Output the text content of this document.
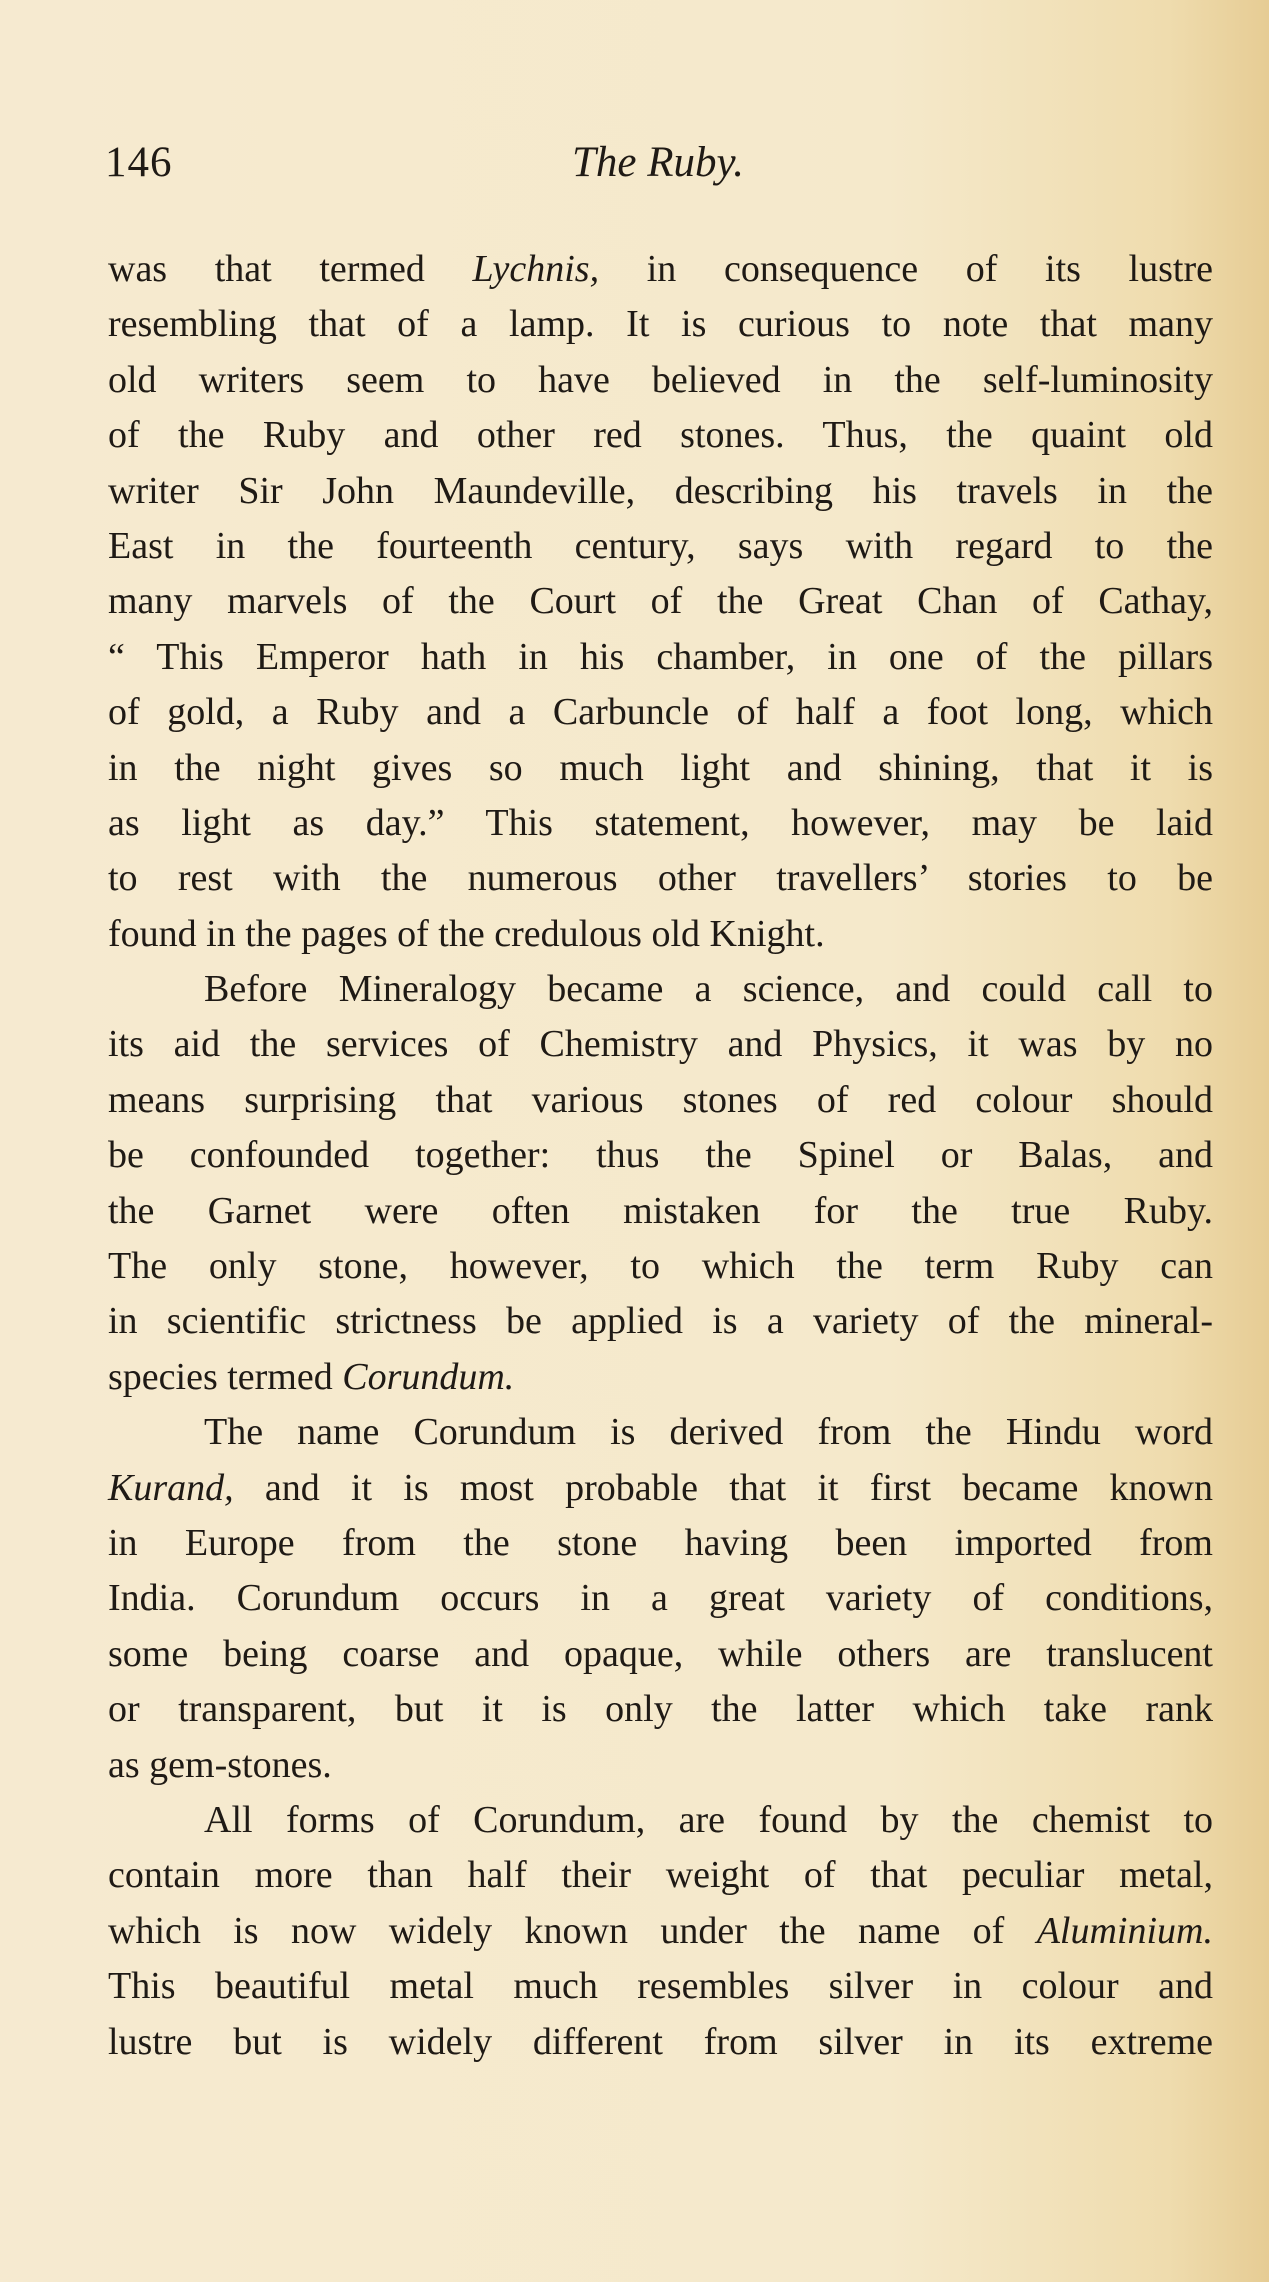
146	The Ruby.
was that termed Lychnis, in consequence of its lustre
resembling that of a lamp. It is curious to note that many
old writers seem to have believed in the self-luminosity
of the Ruby and other red stones. Thus, the quaint old
writer Sir John Maundeville, describing his travels in the
East in the fourteenth century, says with regard to the
many marvels of the Court of the Great Chan of Cathay,
“ This Emperor hath in his chamber, in one of the pillars
of gold, a Ruby and a Carbuncle of half a foot long, which
in the night gives so much light and shining, that it is
as light as day.” This statement, however, may be laid
to rest with the numerous other travellers’ stories to be
found in the pages of the credulous old Knight.
Before Mineralogy became a science, and could call to
its aid the services of Chemistry and Physics, it was by no
means surprising that various stones of red colour should
be confounded together: thus the Spinel or Balas, and
the Garnet were often mistaken for the true Ruby.
The only stone, however, to which the term Ruby can
in scientific strictness be applied is a variety of the mineral-
species termed Corundum.
The name Corundum is derived from the Hindu word
Kurand, and it is most probable that it first became known
in Europe from the stone having been imported from
India. Corundum occurs in a great variety of conditions,
some being coarse and opaque, while others are translucent
or transparent, but it is only the latter which take rank
as gem-stones.
All forms of Corundum, are found by the chemist to
contain more than half their weight of that peculiar metal,
which is now widely known under the name of Aluminium.
This beautiful metal much resembles silver in colour and
lustre but is widely different from silver in its extreme
